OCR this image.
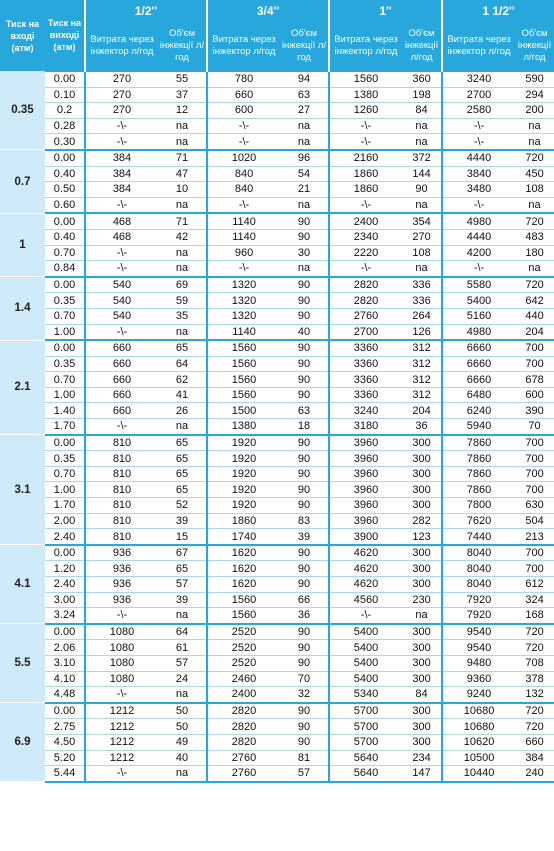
Тиск на вході (атм)	Тиск на виході (атм)	1/2''		3/4''		1''		1 1/2''	
		Витрата через інжектор л/год	Об'єм інжекції л/год	Витрата через інжектор л/год	Об'єм інжекції л/год	Витрата через інжектор л/год	Об'єм інжекції л/год	Витрата через інжектор л/год	Об'єм інжекції л/год
0.35	0.00	270	55	780	94	1560	360	3240	590
	0.10	270	37	660	63	1380	198	2700	294
	0.2	270	12	600	27	1260	84	2580	200
	0.28	-\-	na	-\-	na	-\-	na	-\-	na
	0.30	-\-	na	-\-	na	-\-	na	-\-	na
0.7	0.00	384	71	1020	96	2160	372	4440	720
	0.40	384	47	840	54	1860	144	3840	450
	0.50	384	10	840	21	1860	90	3480	108
	0.60	-\-	na	-\-	na	-\-	na	-\-	na
1	0.00	468	71	1140	90	2400	354	4980	720
	0.40	468	42	1140	90	2340	270	4440	483
	0.70	-\-	na	960	30	2220	108	4200	180
	0.84	-\-	na	-\-	na	-\-	na	-\-	na
1.4	0.00	540	69	1320	90	2820	336	5580	720
	0.35	540	59	1320	90	2820	336	5400	642
	0.70	540	35	1320	90	2760	264	5160	440
	1.00	-\-	na	1140	40	2700	126	4980	204
2.1	0.00	660	65	1560	90	3360	312	6660	700
	0.35	660	64	1560	90	3360	312	6660	700
	0.70	660	62	1560	90	3360	312	6660	678
	1.00	660	41	1560	90	3360	312	6480	600
	1.40	660	26	1500	63	3240	204	6240	390
	1.70	-\-	na	1380	18	3180	36	5940	70
3.1	0.00	810	65	1920	90	3960	300	7860	700
	0.35	810	65	1920	90	3960	300	7860	700
	0.70	810	65	1920	90	3960	300	7860	700
	1.00	810	65	1920	90	3960	300	7860	700
	1.70	810	52	1920	90	3960	300	7800	630
	2.00	810	39	1860	83	3960	282	7620	504
	2.40	810	15	1740	39	3900	123	7440	213
4.1	0.00	936	67	1620	90	4620	300	8040	700
	1.20	936	65	1620	90	4620	300	8040	700
	2.40	936	57	1620	90	4620	300	8040	612
	3.00	936	39	1560	66	4560	230	7920	324
	3.24	-\-	na	1560	36	-\-	na	7920	168
5.5	0.00	1080	64	2520	90	5400	300	9540	720
	2.06	1080	61	2520	90	5400	300	9540	720
	3.10	1080	57	2520	90	5400	300	9480	708
	4.10	1080	24	2460	70	5400	300	9360	378
	4.48	-\-	na	2400	32	5340	84	9240	132
6.9	0.00	1212	50	2820	90	5700	300	10680	720
	2.75	1212	50	2820	90	5700	300	10680	720
	4.50	1212	49	2820	90	5700	300	10620	660
	5.20	1212	40	2760	81	5640	234	10500	384
	5.44	-\-	na	2760	57	5640	147	10440	240
